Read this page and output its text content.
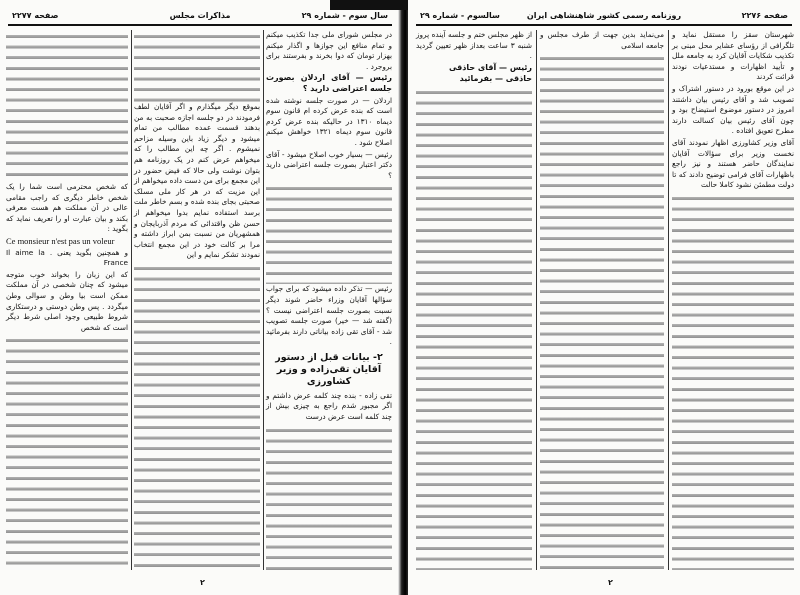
سال سوم - شماره ۲۹
مذاکرات مجلس
صفحه ۲۲۷۷

در مجلس شورای ملی جدا تکذیب میکنم و تمام منافع این جوازها و اگذار میکنم بهزار تومان که دوا بخرند و بفرستند برای بروجرد .

رئیس — آقای اردلان بصورت جلسه اعتراضی دارید ؟

اردلان — در صورت جلسه نوشته شده است که بنده عرض کرده ام قانون سوم دیماه ۱۳۱۰ در حالیکه بنده عرض کردم قانون سوم دیماه ۱۳۲۱ خواهش میکنم اصلاح شود .

رئیس — بسیار خوب اصلاح میشود - آقای دکتر اعتبار بصورت جلسه اعتراضی دارید ؟

رئیس — تذکر داده میشود که برای جواب سؤالها آقایان وزراء حاضر شوند دیگر نسبت بصورت جلسه اعتراضی نیست ؟ (گفته شد — خیر) صورت جلسه تصویب شد - آقای تقی زاده بیاناتی دارند بفرمائید .

۲- بیانات قبل از دستور آقایان تقی‌زاده و وزیر کشاورزی

تقی زاده - بنده چند کلمه عرض داشتم و اگر مجبور شدم راجع به چیزی بیش از چند کلمه است عرض درست

بموقع دیگر میگذارم و اگر آقایان لطف فرمودند در دو جلسه اجازه صحبت به من بدهند قسمت عمده مطالب من تمام میشود و دیگر زیاد باین وسیله مزاحم نمیشوم . اگر چه این مطالب را که میخواهم عرض کنم در یک روزنامه هم بتوان نوشت ولی حالا که فیض حضور در این مجمع برای من دست داده میخواهم از این مزیت که در هر کار ملی مسلک صحبتی بجای بنده شده و بسم خاطر ملت برسد استفاده نمایم بدوا میخواهم از حسن ظن واقتدائی که مردم آذربایجان و همشهریان من نسبت بمن ابراز داشته و مرا بر کالت خود در این مجمع انتخاب نمودند تشکر نمایم و این

که شخص محترمی است شما را یک شخص خاطر دیگری که راجب مقامی عالی در آن مملکت هم هست معرفی بکند و بیان عبارت او را تعریف نماید که بگوید :

Ce monsieur n'est pas un voleur

و همچنین بگوید یعنی . Il aime la France

که این زبان را بخواند خوب متوجه میشود که چنان شخصی در آن مملکت ممکن است بیا وطن و سوالی وطن میگردد . پس وطن دوستی و درستکاری شروط طبیعی وجود اصلی شرط دیگر است که شخص

۲
صفحه ۲۲۷۶
روزنامه رسمی کشور شاهنشاهی ایران
سالسوم - شماره ۲۹

شهرستان سقز را مستقل نماید و تلگرافی از رؤسای عشایر محل مبنی بر تکذیب شکایات آقایان کرد به جامعه ملل و تأیید اظهارات و مستدعیات نودند قرائت کردند

در این موقع بورود در دستور اشتراک و تصویب شد و آقای رئیس بیان داشتند امروز در دستور موضوع استیضاح بود و چون آقای رئیس بیان کسالت دارند مطرح تعویق افتاده .

آقای وزیر کشاورزی اظهار نمودند آقای نخست وزیر برای سؤالات آقایان نمایندگان حاضر هستند و نیز راجع باظهارات آقای فرامی توضیح دادند که تا دولت مطمئن نشود کاملا حالت

می‌نماید بدین جهت از طرف مجلس و جامعه اسلامی

از ظهر مجلس ختم و جلسه آینده پروز شنبه ۳ ساعت بعداز ظهر تعیین گردید .

رئیس — آقای حاذقی

حاذقی — بفرمائید

۲
